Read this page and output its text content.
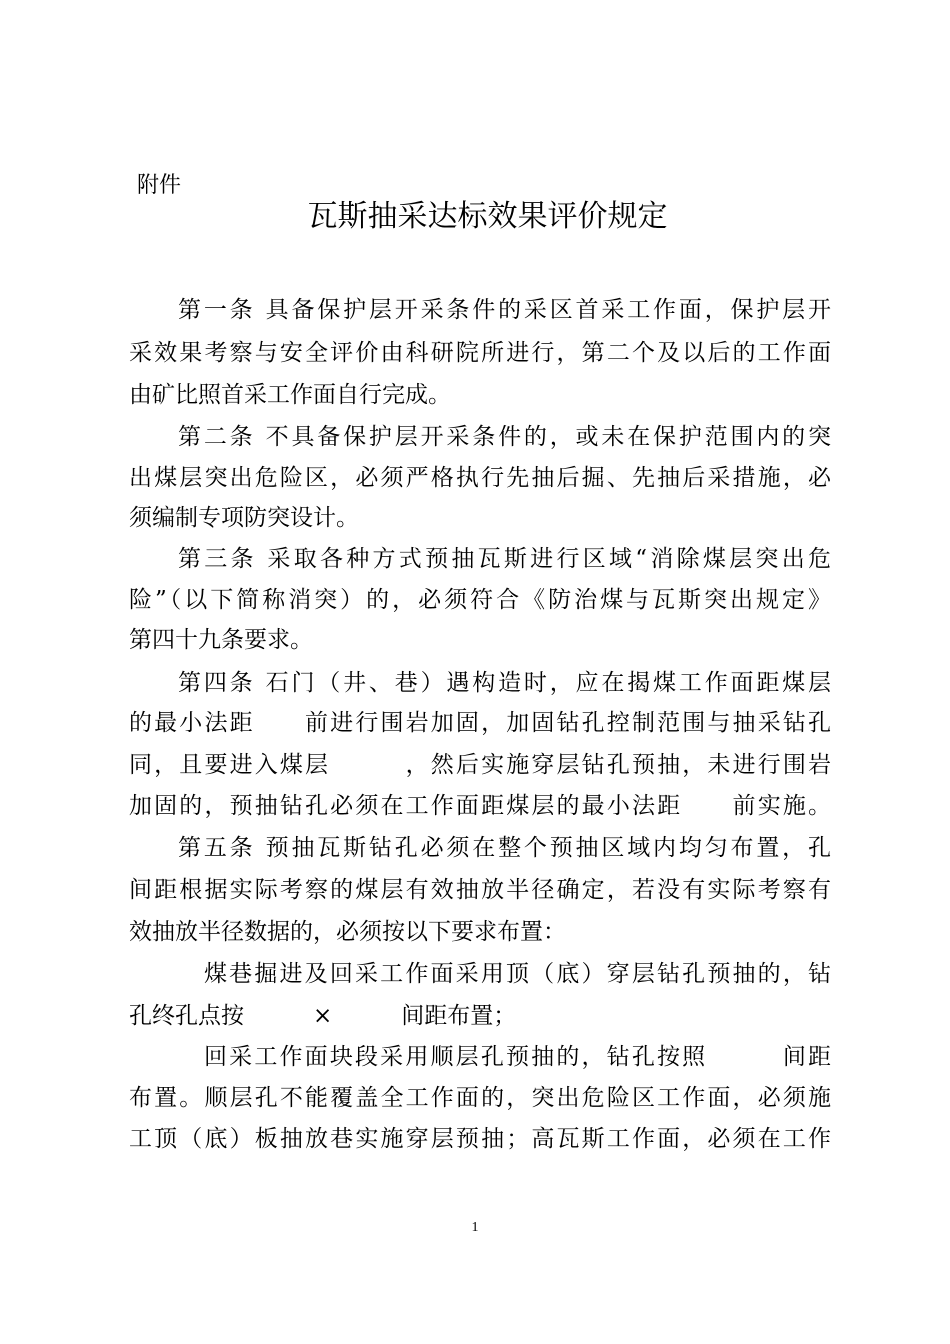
附件
瓦斯抽采达标效果评价规定
第一条 具备保护层开采条件的采区首采工作面，保护层开
采效果考察与安全评价由科研院所进行，第二个及以后的工作面
由矿比照首采工作面自行完成。
第二条 不具备保护层开采条件的，或未在保护范围内的突
出煤层突出危险区，必须严格执行先抽后掘、先抽后采措施，必
须编制专项防突设计。
第三条 采取各种方式预抽瓦斯进行区域“消除煤层突出危
险”（以下简称消突）的，必须符合《防治煤与瓦斯突出规定》
第四十九条要求。
第四条 石门（井、巷）遇构造时，应在揭煤工作面距煤层
的最小法距　　前进行围岩加固，加固钻孔控制范围与抽采钻孔
同，且要进入煤层　　　，然后实施穿层钻孔预抽，未进行围岩
加固的，预抽钻孔必须在工作面距煤层的最小法距　　前实施。
第五条 预抽瓦斯钻孔必须在整个预抽区域内均匀布置，孔
间距根据实际考察的煤层有效抽放半径确定，若没有实际考察有
效抽放半径数据的，必须按以下要求布置：
煤巷掘进及回采工作面采用顶（底）穿层钻孔预抽的，钻
孔终孔点按　　　×　　　间距布置；
回采工作面块段采用顺层孔预抽的，钻孔按照　　　间距
布置。顺层孔不能覆盖全工作面的，突出危险区工作面，必须施
工顶（底）板抽放巷实施穿层预抽；高瓦斯工作面，必须在工作
1
